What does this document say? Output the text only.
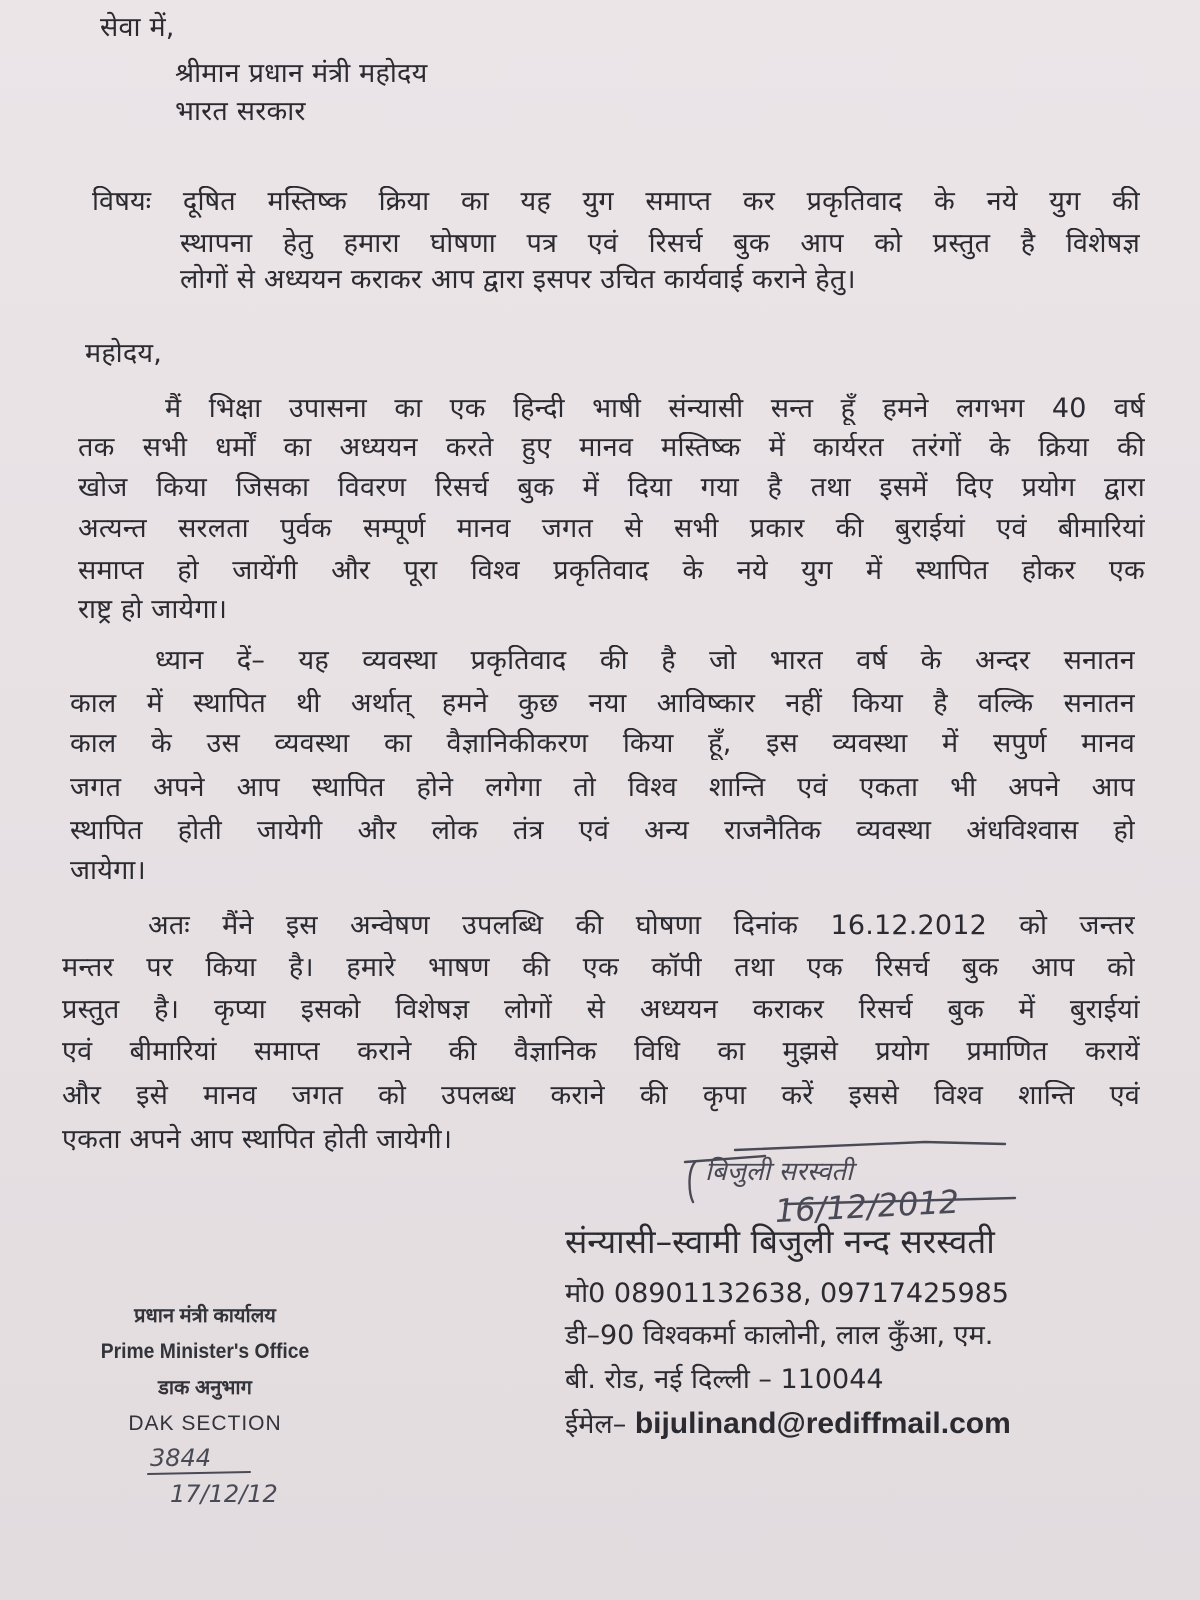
सेवा में,
श्रीमान प्रधान मंत्री महोदय
भारत सरकार
विषयः दूषित मस्तिष्क क्रिया का यह युग समाप्त कर प्रकृतिवाद के नये युग की
स्थापना हेतु हमारा घोषणा पत्र एवं रिसर्च बुक आप को प्रस्तुत है विशेषज्ञ
लोगों से अध्ययन कराकर आप द्वारा इसपर उचित कार्यवाई कराने हेतु।
महोदय,
मैं भिक्षा उपासना का एक हिन्दी भाषी संन्यासी सन्त हूँ हमने लगभग 40 वर्ष
तक सभी धर्मों का अध्ययन करते हुए मानव मस्तिष्क में कार्यरत तरंगों के क्रिया की
खोज किया जिसका विवरण रिसर्च बुक में दिया गया है तथा इसमें दिए प्रयोग द्वारा
अत्यन्त सरलता पुर्वक सम्पूर्ण मानव जगत से सभी प्रकार की बुराईयां एवं बीमारियां
समाप्त हो जायेंगी और पूरा विश्व प्रकृतिवाद के नये युग में स्थापित होकर एक
राष्ट्र हो जायेगा।
ध्यान दें– यह व्यवस्था प्रकृतिवाद की है जो भारत वर्ष के अन्दर सनातन
काल में स्थापित थी अर्थात् हमने कुछ नया आविष्कार नहीं किया है वल्कि सनातन
काल के उस व्यवस्था का वैज्ञानिकीकरण किया हूँ, इस व्यवस्था में सपुर्ण मानव
जगत अपने आप स्थापित होने लगेगा तो विश्व शान्ति एवं एकता भी अपने आप
स्थापित होती जायेगी और लोक तंत्र एवं अन्य राजनैतिक व्यवस्था अंधविश्वास हो
जायेगा।
अतः मैंने इस अन्वेषण उपलब्धि की घोषणा दिनांक 16.12.2012 को जन्तर
मन्तर पर किया है। हमारे भाषण की एक कॉपी तथा एक रिसर्च बुक आप को
प्रस्तुत है। कृप्या इसको विशेषज्ञ लोगों से अध्ययन कराकर रिसर्च बुक में बुराईयां
एवं बीमारियां समाप्त कराने की वैज्ञानिक विधि का मुझसे प्रयोग प्रमाणित करायें
और इसे मानव जगत को उपलब्ध कराने की कृपा करें इससे विश्व शान्ति एवं
एकता अपने आप स्थापित होती जायेगी।
बिजुली सरस्वती
16/12/2012
संन्यासी–स्वामी बिजुली नन्द सरस्वती
मो0 08901132638, 09717425985
डी–90 विश्वकर्मा कालोनी, लाल कुँआ, एम.
बी. रोड, नई दिल्ली – 110044
ईमेल– bijulinand@rediffmail.com
प्रधान मंत्री कार्यालय
Prime Minister's Office
डाक अनुभाग
DAK SECTION
3844
17/12/12
